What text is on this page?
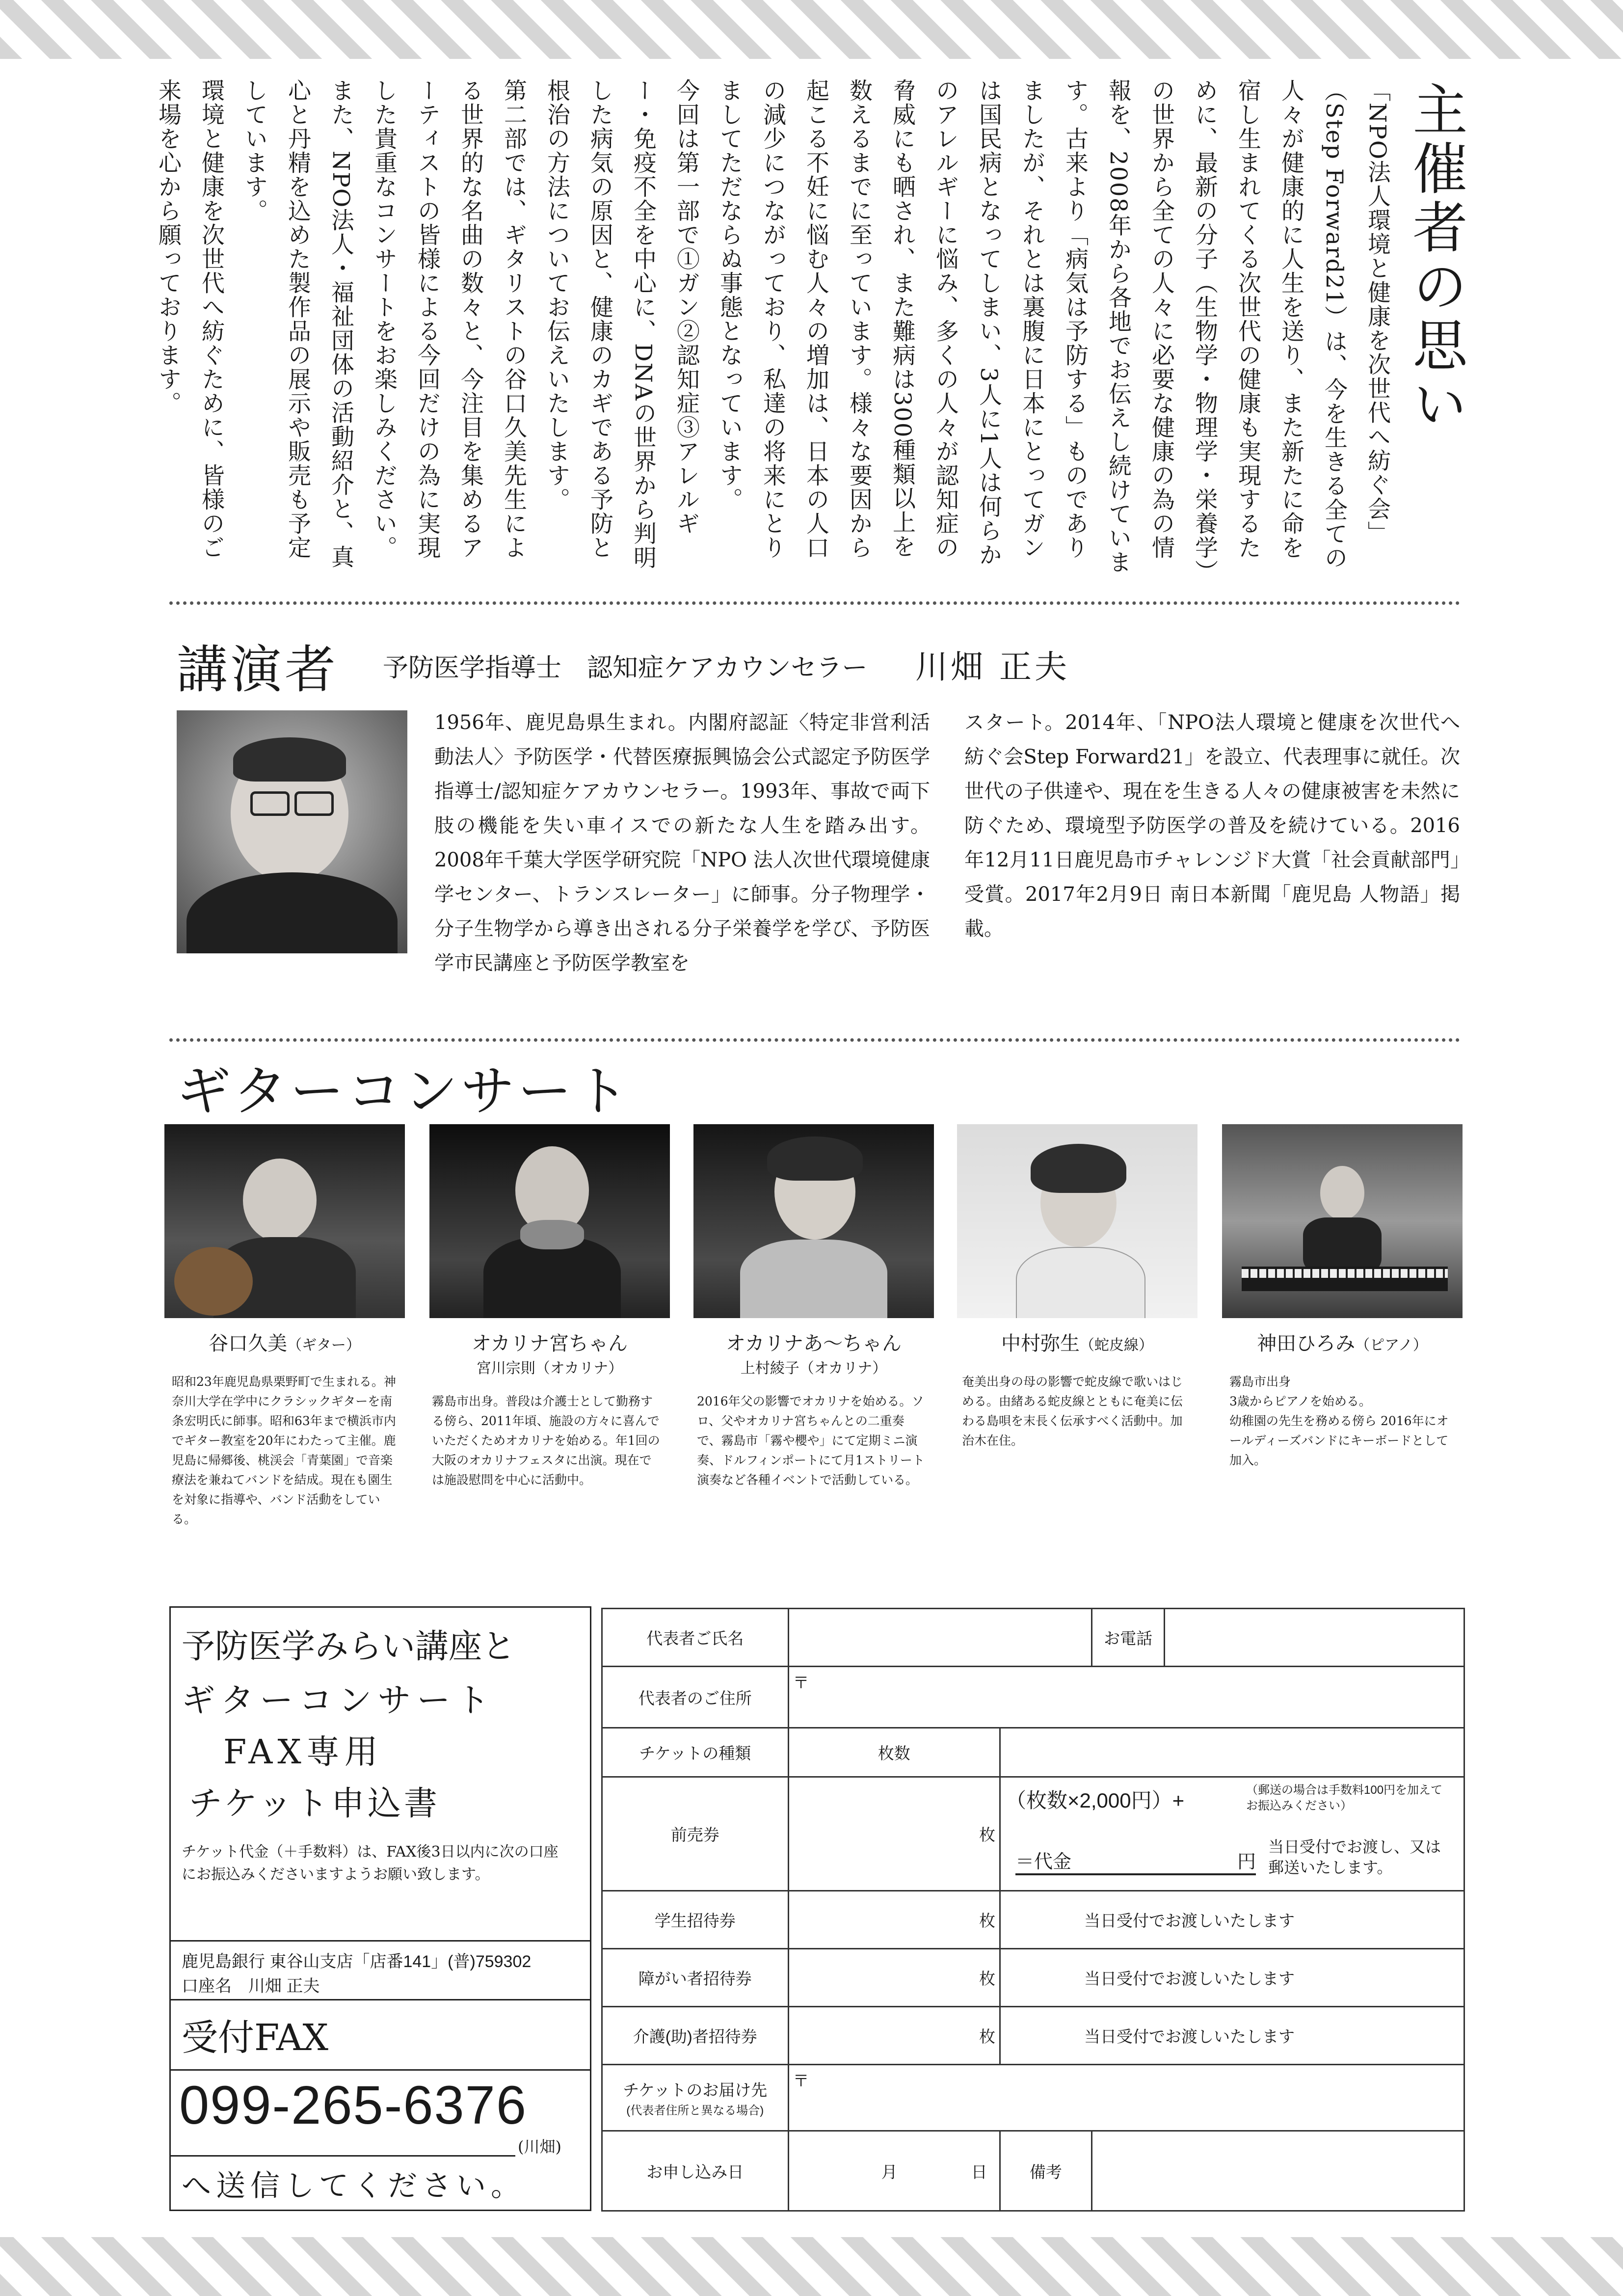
主催者の思い

「NPO法人環境と健康を次世代へ紡ぐ会」（Step Forward21）は、今を生きる全ての人々が健康的に人生を送り、また新たに命を宿し生まれてくる次世代の健康も実現するために、最新の分子（生物学・物理学・栄養学）の世界から全ての人々に必要な健康の為の情報を、2008年から各地でお伝えし続けています。古来より「病気は予防する」ものでありましたが、それとは裏腹に日本にとってガンは国民病となってしまい、3人に1人は何らかのアレルギーに悩み、多くの人々が認知症の脅威にも晒され、また難病は300種類以上を数えるまでに至っています。様々な要因から起こる不妊に悩む人々の増加は、日本の人口の減少につながっており、私達の将来にとりましてただならぬ事態となっています。

今回は第一部で①ガン②認知症③アレルギー・免疫不全を中心に、DNAの世界から判明した病気の原因と、健康のカギである予防と根治の方法についてお伝えいたします。

第二部では、ギタリストの谷口久美先生による世界的な名曲の数々と、今注目を集めるアーティストの皆様による今回だけの為に実現した貴重なコンサートをお楽しみください。

また、NPO法人・福祉団体の活動紹介と、真心と丹精を込めた製作品の展示や販売も予定しています。

環境と健康を次世代へ紡ぐために、皆様のご来場を心から願っております。

講演者 予防医学指導士　認知症ケアカウンセラー 川畑 正夫
1956年、鹿児島県生まれ。内閣府認証〈特定非営利活動法人〉予防医学・代替医療振興協会公式認定予防医学指導士/認知症ケアカウンセラー。1993年、事故で両下肢の機能を失い車イスでの新たな人生を踏み出す。2008年千葉大学医学研究院「NPO 法人次世代環境健康学センター、トランスレーター」に師事。分子物理学・分子生物学から導き出される分子栄養学を学び、予防医学市民講座と予防医学教室を
スタート。2014年、「NPO法人環境と健康を次世代へ紡ぐ会Step Forward21」を設立、代表理事に就任。次世代の子供達や、現在を生きる人々の健康被害を未然に防ぐため、環境型予防医学の普及を続けている。2016年12月11日鹿児島市チャレンジド大賞「社会貢献部門」受賞。2017年2月9日 南日本新聞「鹿児島 人物語」掲載。
ギターコンサート
谷口久美（ギター）	オカリナ宮ちゃん
宮川宗則（オカリナ）
オカリナあ〜ちゃん
上村綾子（オカリナ）
中村弥生（蛇皮線）	神田ひろみ（ピアノ）
昭和23年鹿児島県栗野町で生まれる。神奈川大学在学中にクラシックギターを南条宏明氏に師事。昭和63年まで横浜市内でギター教室を20年にわたって主催。鹿児島に帰郷後、桃渓会「青葉園」で音楽療法を兼ねてバンドを結成。現在も園生を対象に指導や、バンド活動をしている。
霧島市出身。普段は介護士として勤務する傍ら、2011年頃、施設の方々に喜んでいただくためオカリナを始める。年1回の大阪のオカリナフェスタに出演。現在では施設慰問を中心に活動中。
2016年父の影響でオカリナを始める。ソロ、父やオカリナ宮ちゃんとの二重奏で、霧島市「霧や櫻や」にて定期ミニ演奏、ドルフィンポートにて月1ストリート演奏など各種イベントで活動している。
奄美出身の母の影響で蛇皮線で歌いはじめる。由緒ある蛇皮線とともに奄美に伝わる島唄を末長く伝承すべく活動中。加治木在住。
霧島市出身
3歳からピアノを始める。
幼稚園の先生を務める傍ら 2016年にオールディーズバンドにキーボードとして加入。
予防医学みらい講座と
ギターコンサート
FAX専用
チケット申込書
チケット代金（＋手数料）は、FAX後3日以内に次の口座にお振込みくださいますようお願い致します。
鹿児島銀行 東谷山支店「店番141」(普)759302
口座名　川畑 正夫
受付FAX
099-265-6376
(川畑)
へ送信してください。
代表者ご氏名			お電話	
代表者のご住所	〒			
チケットの種類	枚数			
前売券	枚	（枚数×2,000円）+ （郵送の場合は手数料100円を加えてお振込みください）
＝代金 円
当日受付でお渡し、又は郵送いたします。		

学生招待券	枚	当日受付でお渡しいたします		
障がい者招待券	枚	当日受付でお渡しいたします		
介護(助)者招待券	枚	当日受付でお渡しいたします		

チケットのお届け先
(代表者住所と異なる場合)	〒			
お申し込み日	月 日	備考		
